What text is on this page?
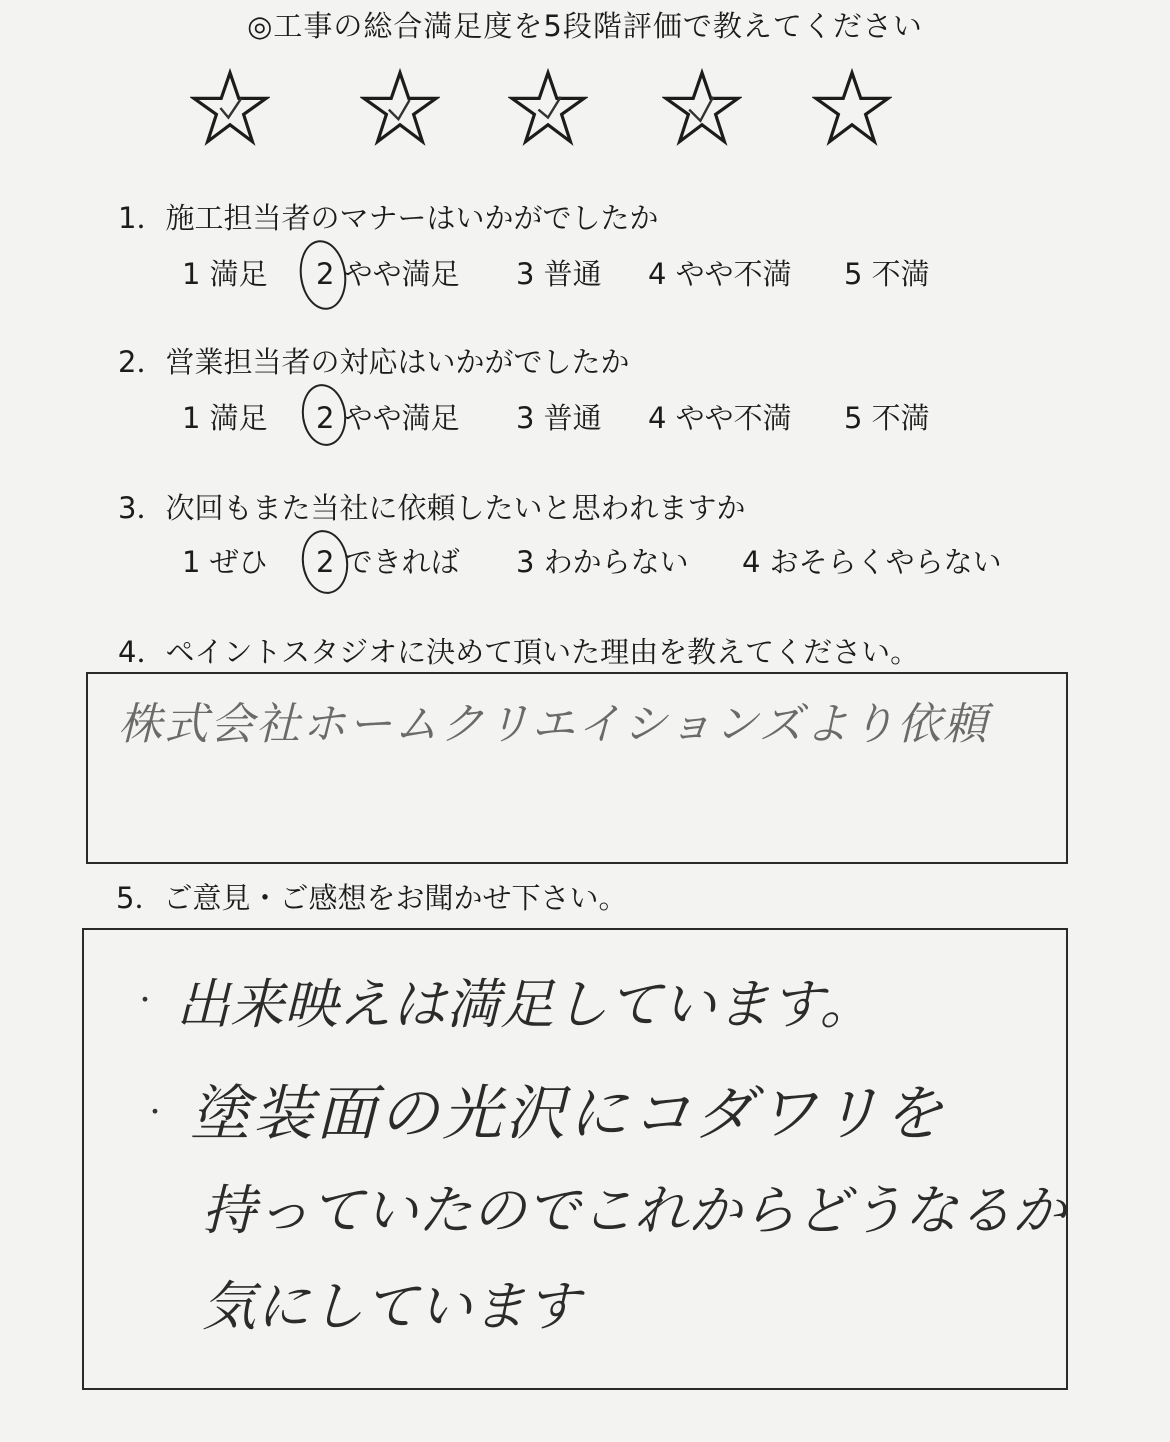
◎工事の総合満足度を5段階評価で教えてください
1．施工担当者のマナーはいかがでしたか
1 満足 2 やや満足 3 普通 4 やや不満 5 不満
2．営業担当者の対応はいかがでしたか
1 満足 2 やや満足 3 普通 4 やや不満 5 不満
3．次回もまた当社に依頼したいと思われますか
1 ぜひ 2 できれば 3 わからない 4 おそらくやらない
4．ペイントスタジオに決めて頂いた理由を教えてください。
株式会社ホームクリエイションズより依頼
5．ご意見・ご感想をお聞かせ下さい。
・ 出来映えは満足しています。
・ 塗装面の光沢にコダワリを
持っていたのでこれからどうなるか
気にしています
